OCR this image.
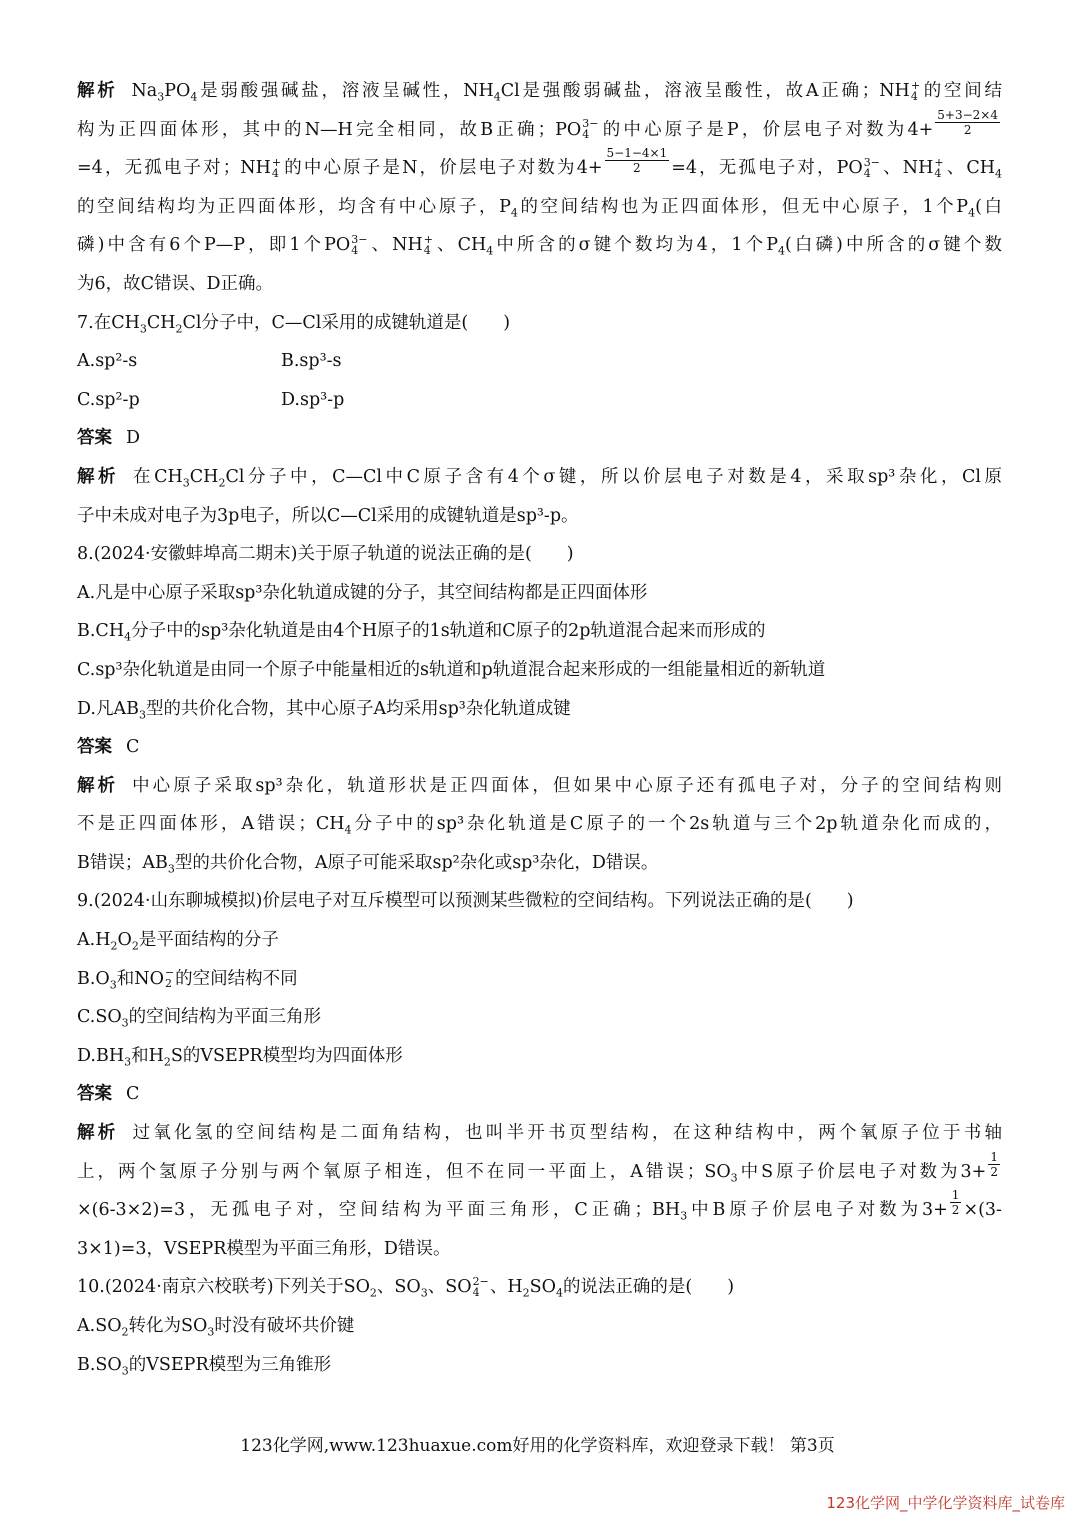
解析 $Na_3PO_4$是弱酸强碱盐，溶液呈碱性，$NH_4Cl$是强酸弱碱盐，溶液呈酸性，故A正确；NH +
4 的空间结
构为正四面体形，其中的N—H完全相同，故B正确；PO 3−
4 的中心原子是P，价层电子对数为$4+ \frac{5+3-2\times 4}{2}$
=4，无孤电子对；NH +
4 的中心原子是N，价层电子对数为$4+ \frac{5-1-4\times 1}{2} =4$，无孤电子对，PO 3−
4 、NH +
4 、$CH_4$
的空间结构均为正四面体形，均含有中心原子，$P_4$的空间结构也为正四面体形，但无中心原子，1个$P_4$(白
磷)中含有6个P—P，即1个PO 3−
4 、NH +
4 、$CH_4$中所含的σ键个数均为4，1个$P_4$(白磷)中所含的σ键个数
为6，故C错误、D正确。
7.在$CH_3CH_2Cl$分子中，C—Cl采用的成键轨道是(　　)
A.sp²-s	B.sp³-s
C.sp²-p	D.sp³-p
答案 D
解析 在$CH_3CH_2Cl$分子中，C—Cl中C原子含有4个σ键，所以价层电子对数是4，采取sp³杂化，Cl原
子中未成对电子为3p电子，所以C—Cl采用的成键轨道是sp³-p。
8.(2024·安徽蚌埠高二期末)关于原子轨道的说法正确的是(　　)
A.凡是中心原子采取sp³杂化轨道成键的分子，其空间结构都是正四面体形
$B.CH_4$分子中的sp³杂化轨道是由4个H原子的1s轨道和C原子的2p轨道混合起来而形成的
C.sp³杂化轨道是由同一个原子中能量相近的s轨道和p轨道混合起来形成的一组能量相近的新轨道
D.凡$AB_3$型的共价化合物，其中心原子A均采用sp³杂化轨道成键
答案 C
解析 中心原子采取sp³杂化，轨道形状是正四面体，但如果中心原子还有孤电子对，分子的空间结构则
不是正四面体形，A错误；$CH_4$分子中的sp³杂化轨道是C原子的一个2s轨道与三个2p轨道杂化而成的，
B错误；$AB_3$型的共价化合物，A原子可能采取sp²杂化或sp³杂化，D错误。
9.(2024·山东聊城模拟)价层电子对互斥模型可以预测某些微粒的空间结构。下列说法正确的是(　　)
$A.H_2O_2$是平面结构的分子
$B.O_3$和NO −
2 的空间结构不同
$C.SO_3$的空间结构为平面三角形
$D.BH_3$和$H_2S$的VSEPR模型均为四面体形
答案 C
解析 过氧化氢的空间结构是二面角结构，也叫半开书页型结构，在这种结构中，两个氧原子位于书轴
上，两个氢原子分别与两个氧原子相连，但不在同一平面上，A错误；$SO_3$中S原子价层电子对数为$3+ \frac{1}{2}$
×(6-3×2)=3，无孤电子对，空间结构为平面三角形，C正确；$BH_3$中B原子价层电子对数为$3+ \frac{1}{2} \times(3-$
3×1)=3，VSEPR模型为平面三角形，D错误。
10.(2024·南京六校联考)下列关于$SO_2$、$SO_3$、SO 2−
4 、$H_2SO_4$的说法正确的是(　　)
$A.SO_2$转化为$SO_3$时没有破坏共价键
$B.SO_3$的VSEPR模型为三角锥形
123化学网,www.123huaxue.com好用的化学资料库，欢迎登录下载！ 第3页
123化学网_中学化学资料库_试卷库
